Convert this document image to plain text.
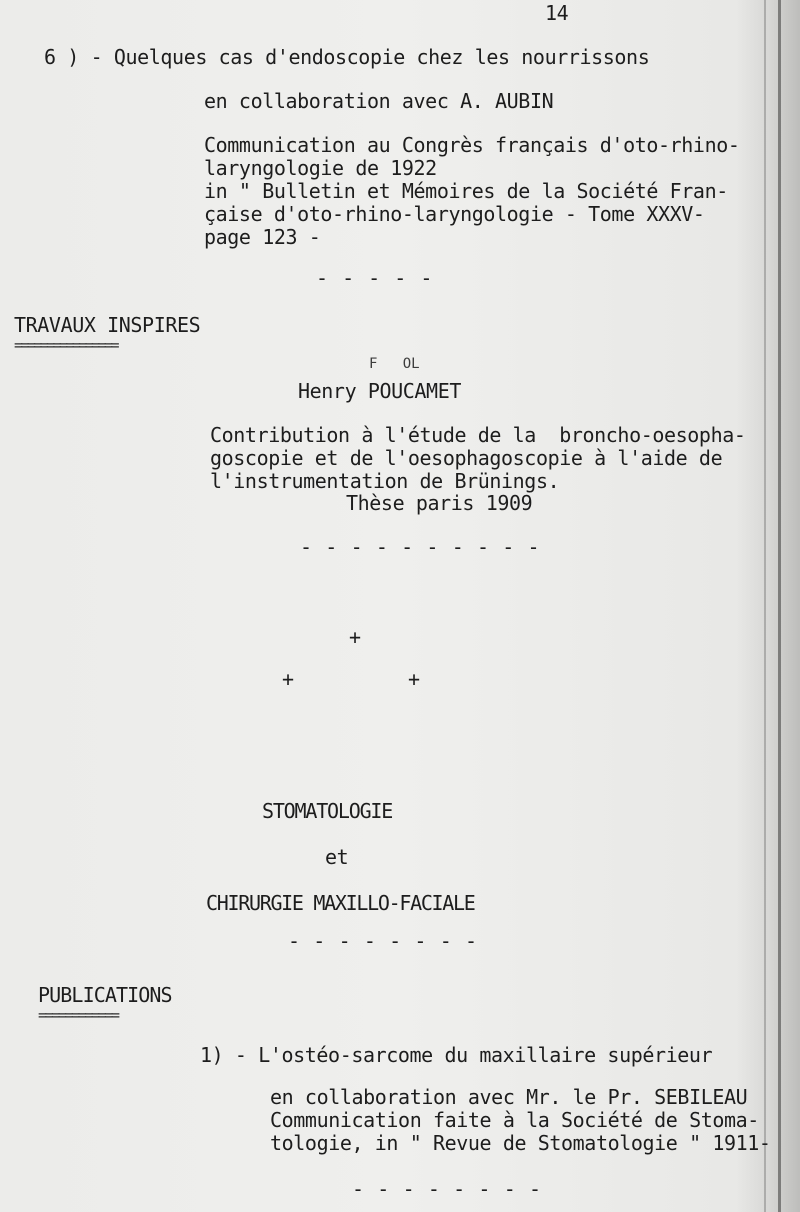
14
6 ) - Quelques cas d'endoscopie chez les nourrissons
en collaboration avec A. AUBIN
Communication au Congrès français d'oto-rhino-
laryngologie de 1922
in " Bulletin et Mémoires de la Société Fran-
çaise d'oto-rhino-laryngologie - Tome XXXV-
page 123 -
- - - - -
TRAVAUX INSPIRES
================
F   OL
Henry POUCAMET
Contribution à l'étude de la  broncho-oesopha-
goscopie et de l'oesophagoscopie à l'aide de
l'instrumentation de Brünings.
Thèse paris 1909
- - - - - - - - - -
+
+	+
STOMATOLOGIE
et
CHIRURGIE MAXILLO-FACIALE
- - - - - - - -
PUBLICATIONS
============
1) - L'ostéo-sarcome du maxillaire supérieur
en collaboration avec Mr. le Pr. SEBILEAU
Communication faite à la Société de Stoma-
tologie, in " Revue de Stomatologie " 1911-
- - - - - - - -
